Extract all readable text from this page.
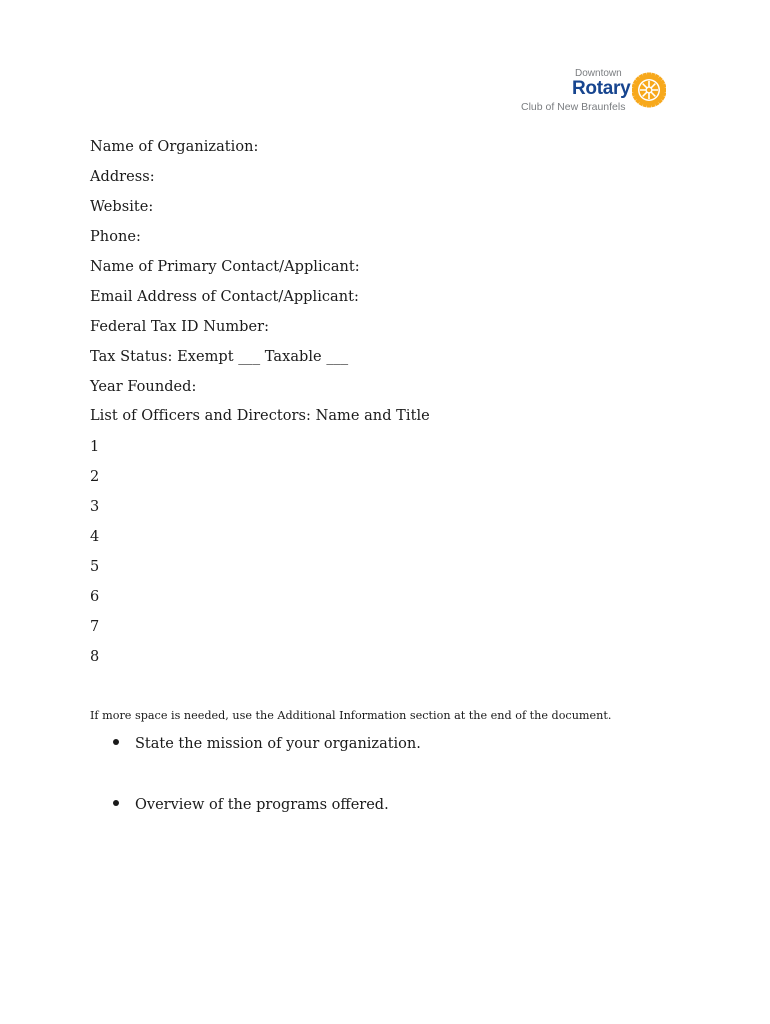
Downtown
Rotary
Club of New Braunfels
Name of Organization:
Address:
Website:
Phone:
Name of Primary Contact/Applicant:
Email Address of Contact/Applicant:
Federal Tax ID Number:
Tax Status: Exempt ___ Taxable ___
Year Founded:
List of Officers and Directors: Name and Title
1
2
3
4
5
6
7
8
If more space is needed, use the Additional Information section at the end of the document.
State the mission of your organization.
Overview of the programs offered.
